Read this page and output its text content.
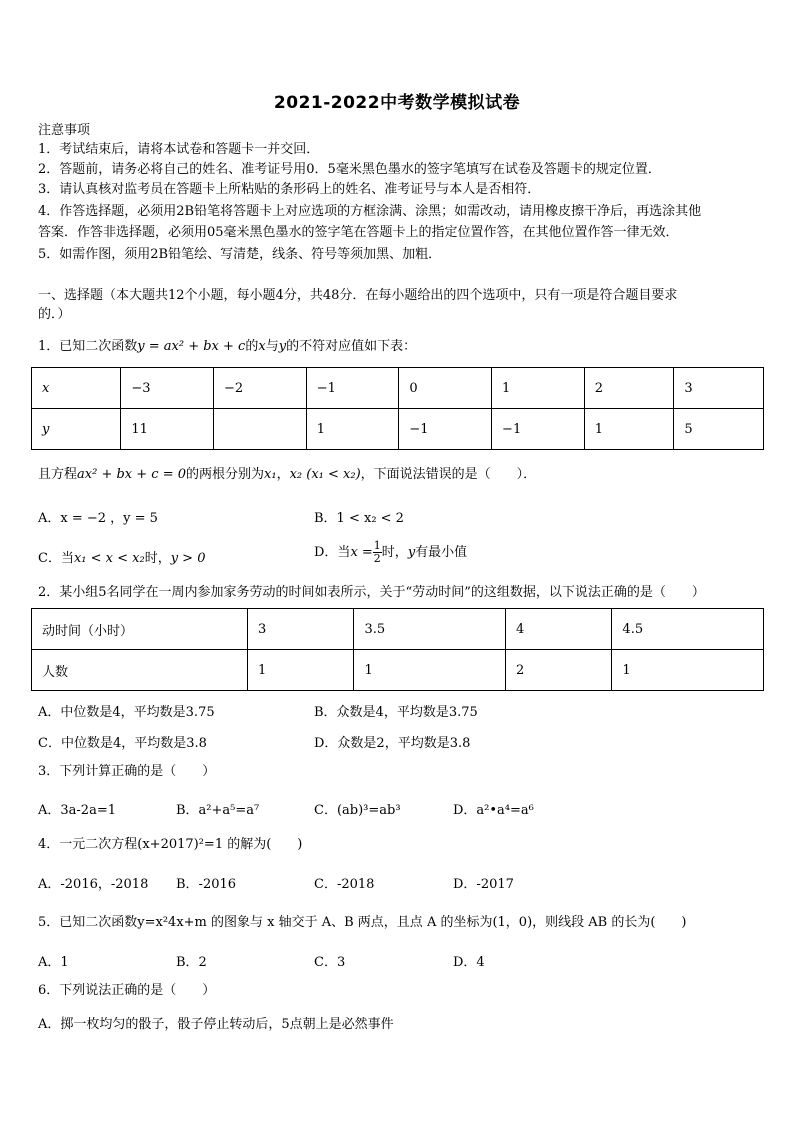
2021-2022中考数学模拟试卷
注意事项
1．考试结束后，请将本试卷和答题卡一并交回．
2．答题前，请务必将自己的姓名、准考证号用0．5毫米黑色墨水的签字笔填写在试卷及答题卡的规定位置．
3．请认真核对监考员在答题卡上所粘贴的条形码上的姓名、准考证号与本人是否相符．
4．作答选择题，必须用2B铅笔将答题卡上对应选项的方框涂满、涂黑；如需改动，请用橡皮擦干净后，再选涂其他
答案．作答非选择题，必须用05毫米黑色墨水的签字笔在答题卡上的指定位置作答，在其他位置作答一律无效．
5．如需作图，须用2B铅笔绘、写清楚，线条、符号等须加黑、加粗．
一、选择题（本大题共12个小题，每小题4分，共48分．在每小题给出的四个选项中，只有一项是符合题目要求
的．）
1．已知二次函数y = ax² + bx + c的x与y的不符对应值如下表：
x	−3	−2	−1	0	1	2	3
y	11		1	−1	−1	1	5
且方程ax² + bx + c = 0的两根分别为x₁，x₂ (x₁ < x₂)，下面说法错误的是（　　）．
A．x = −2 ，y = 5	B．1 < x₂ < 2
C．当x₁ < x < x₂时，y > 0	D．当$x = \frac{1}{2}$ 时，y有最小值
2．某小组5名同学在一周内参加家务劳动的时间如表所示，关于“劳动时间”的这组数据，以下说法正确的是（　　）
动时间（小时）	3	3.5	4	4.5
人数	1	1	2	1
A．中位数是4，平均数是3.75	B．众数是4，平均数是3.75
C．中位数是4，平均数是3.8	D．众数是2，平均数是3.8
3．下列计算正确的是（　　）
A．3a-2a=1	B．a²+a⁵=a⁷	C．(ab)³=ab³	D．a²•a⁴=a⁶
4．一元二次方程(x+2017)²=1 的解为(　　)
A．-2016，-2018 B．-2016	C．-2018	D．-2017
5．已知二次函数y=x²4x+m 的图象与 x 轴交于 A、B 两点，且点 A 的坐标为(1，0)，则线段 AB 的长为(　　)
A．1	B．2	C．3	D．4
6．下列说法正确的是（　　）
A．掷一枚均匀的骰子，骰子停止转动后，5点朝上是必然事件
